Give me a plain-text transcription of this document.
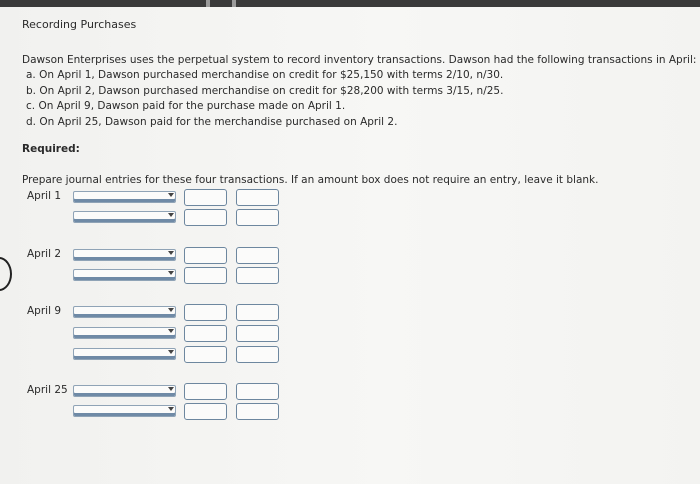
Recording Purchases
Dawson Enterprises uses the perpetual system to record inventory transactions. Dawson had the following transactions in April:
a. On April 1, Dawson purchased merchandise on credit for $25,150 with terms 2/10, n/30.
b. On April 2, Dawson purchased merchandise on credit for $28,200 with terms 3/15, n/25.
c. On April 9, Dawson paid for the purchase made on April 1.
d. On April 25, Dawson paid for the merchandise purchased on April 2.
Required:
Prepare journal entries for these four transactions. If an amount box does not require an entry, leave it blank.
April 1
April 2
April 9
April 25
